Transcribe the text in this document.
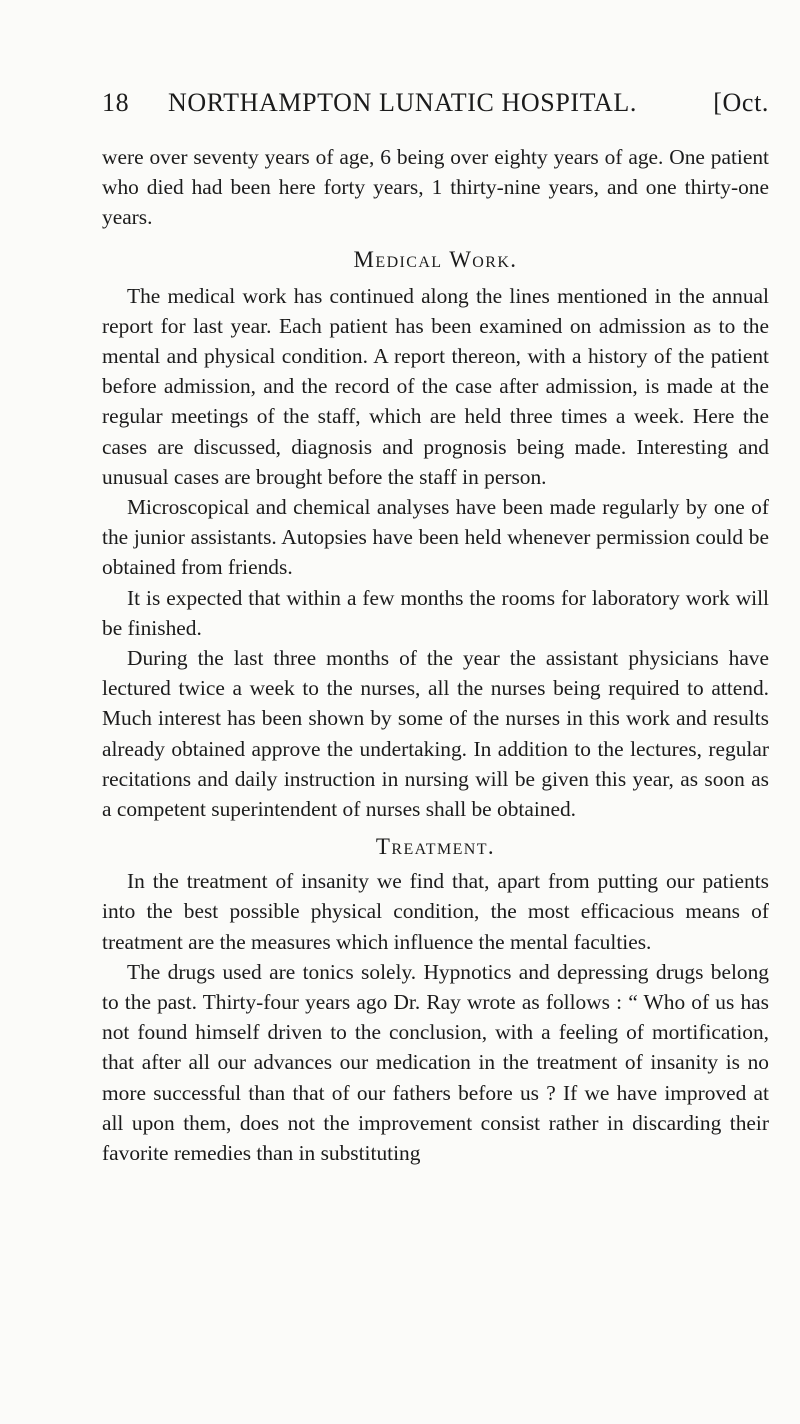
18	NORTHAMPTON LUNATIC HOSPITAL.	[Oct.

were over seventy years of age, 6 being over eighty years of age. One patient who died had been here forty years, 1 thirty-nine years, and one thirty-one years.

Medical Work.

The medical work has continued along the lines mentioned in the annual report for last year. Each patient has been examined on admission as to the mental and physical condition. A report thereon, with a history of the patient before admission, and the record of the case after admission, is made at the regular meetings of the staff, which are held three times a week. Here the cases are discussed, diagnosis and prognosis being made. Interesting and unusual cases are brought before the staff in person.

Microscopical and chemical analyses have been made regularly by one of the junior assistants. Autopsies have been held whenever permission could be obtained from friends.

It is expected that within a few months the rooms for laboratory work will be finished.

During the last three months of the year the assistant physicians have lectured twice a week to the nurses, all the nurses being required to attend. Much interest has been shown by some of the nurses in this work and results already obtained approve the undertaking. In addition to the lectures, regular recitations and daily instruction in nursing will be given this year, as soon as a competent superintendent of nurses shall be obtained.

Treatment.

In the treatment of insanity we find that, apart from putting our patients into the best possible physical condition, the most efficacious means of treatment are the measures which influence the mental faculties.

The drugs used are tonics solely. Hypnotics and depressing drugs belong to the past. Thirty-four years ago Dr. Ray wrote as follows : “ Who of us has not found himself driven to the conclusion, with a feeling of mortification, that after all our advances our medication in the treatment of insanity is no more successful than that of our fathers before us ? If we have improved at all upon them, does not the improvement consist rather in discarding their favorite remedies than in substituting
